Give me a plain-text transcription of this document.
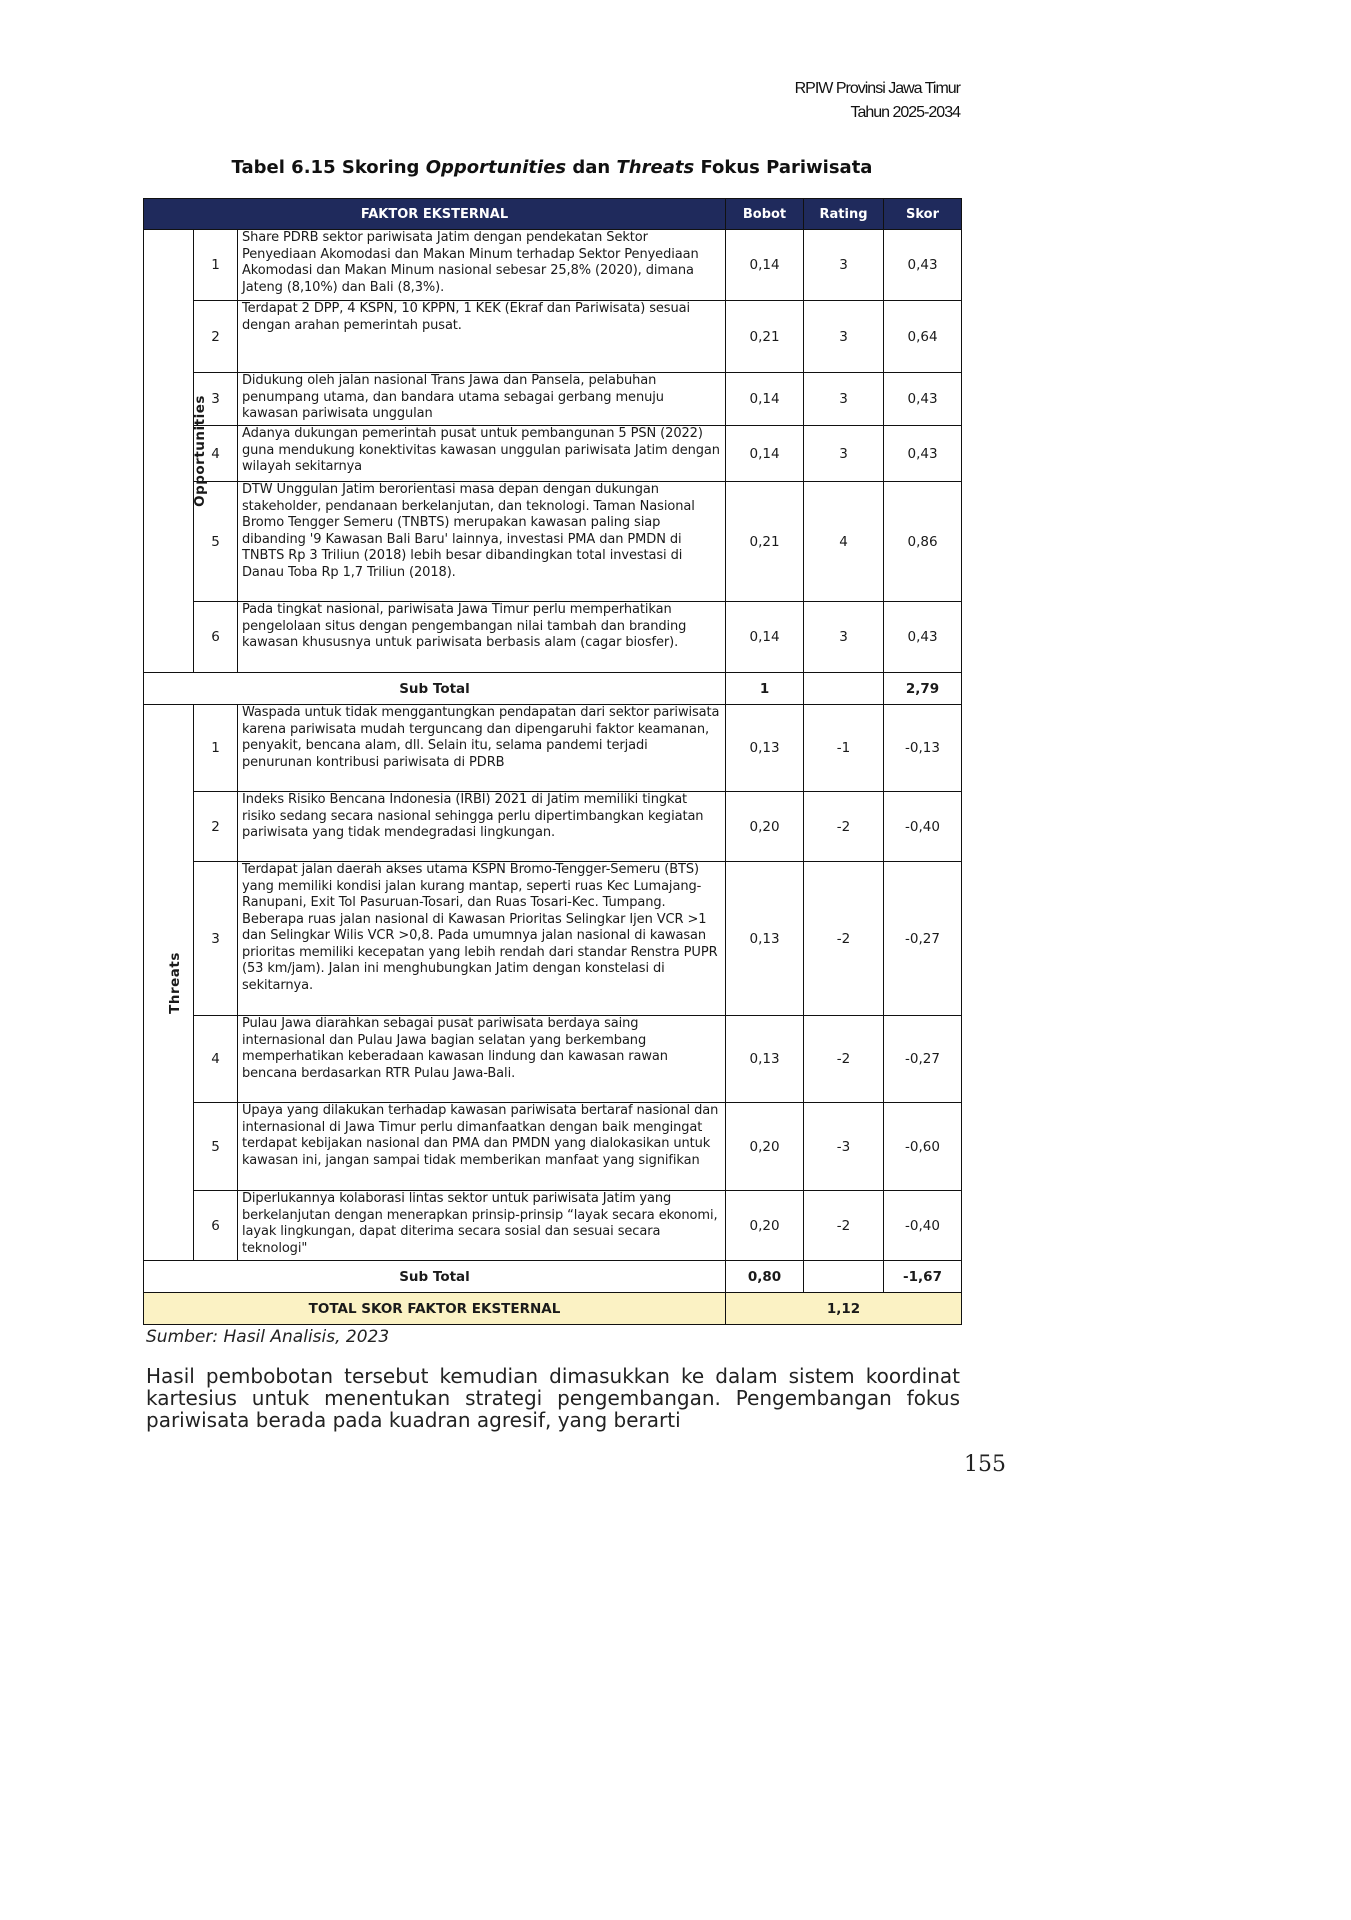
RPIW Provinsi Jawa Timur
Tahun 2025-2034
Tabel 6.15 Skoring Opportunities dan Threats Fokus Pariwisata
FAKTOR EKSTERNAL			Bobot	Rating	Skor
Opportunities	1	Share PDRB sektor pariwisata Jatim dengan pendekatan Sektor Penyediaan Akomodasi dan Makan Minum terhadap Sektor Penyediaan Akomodasi dan Makan Minum nasional sebesar 25,8% (2020), dimana Jateng (8,10%) dan Bali (8,3%).	0,14	3	0,43
	2	Terdapat 2 DPP, 4 KSPN, 10 KPPN, 1 KEK (Ekraf dan Pariwisata) sesuai dengan arahan pemerintah pusat.	0,21	3	0,64
	3	Didukung oleh jalan nasional Trans Jawa dan Pansela, pelabuhan penumpang utama, dan bandara utama sebagai gerbang menuju kawasan pariwisata unggulan	0,14	3	0,43
	4	Adanya dukungan pemerintah pusat untuk pembangunan 5 PSN (2022) guna mendukung konektivitas kawasan unggulan pariwisata Jatim dengan wilayah sekitarnya	0,14	3	0,43
	5	DTW Unggulan Jatim berorientasi masa depan dengan dukungan stakeholder, pendanaan berkelanjutan, dan teknologi. Taman Nasional Bromo Tengger Semeru (TNBTS) merupakan kawasan paling siap dibanding '9 Kawasan Bali Baru' lainnya, investasi PMA dan PMDN di TNBTS Rp 3 Triliun (2018) lebih besar dibandingkan total investasi di Danau Toba Rp 1,7 Triliun (2018).	0,21	4	0,86
	6	Pada tingkat nasional, pariwisata Jawa Timur perlu memperhatikan pengelolaan situs dengan pengembangan nilai tambah dan branding kawasan khususnya untuk pariwisata berbasis alam (cagar biosfer).	0,14	3	0,43
Sub Total			1		2,79
Threats	1	Waspada untuk tidak menggantungkan pendapatan dari sektor pariwisata karena pariwisata mudah terguncang dan dipengaruhi faktor keamanan, penyakit, bencana alam, dll. Selain itu, selama pandemi terjadi penurunan kontribusi pariwisata di PDRB	0,13	-1	-0,13
	2	Indeks Risiko Bencana Indonesia (IRBI) 2021 di Jatim memiliki tingkat risiko sedang secara nasional sehingga perlu dipertimbangkan kegiatan pariwisata yang tidak mendegradasi lingkungan.	0,20	-2	-0,40
	3	Terdapat jalan daerah akses utama KSPN Bromo-Tengger-Semeru (BTS) yang memiliki kondisi jalan kurang mantap, seperti ruas Kec Lumajang-Ranupani, Exit Tol Pasuruan-Tosari, dan Ruas Tosari-Kec. Tumpang. Beberapa ruas jalan nasional di Kawasan Prioritas Selingkar Ijen VCR >1 dan Selingkar Wilis VCR >0,8. Pada umumnya jalan nasional di kawasan prioritas memiliki kecepatan yang lebih rendah dari standar Renstra PUPR (53 km/jam). Jalan ini menghubungkan Jatim dengan konstelasi di sekitarnya.	0,13	-2	-0,27
	4	Pulau Jawa diarahkan sebagai pusat pariwisata berdaya saing internasional dan Pulau Jawa bagian selatan yang berkembang memperhatikan keberadaan kawasan lindung dan kawasan rawan bencana berdasarkan RTR Pulau Jawa-Bali.	0,13	-2	-0,27
	5	Upaya yang dilakukan terhadap kawasan pariwisata bertaraf nasional dan internasional di Jawa Timur perlu dimanfaatkan dengan baik mengingat terdapat kebijakan nasional dan PMA dan PMDN yang dialokasikan untuk kawasan ini, jangan sampai tidak memberikan manfaat yang signifikan	0,20	-3	-0,60
	6	Diperlukannya kolaborasi lintas sektor untuk pariwisata Jatim yang berkelanjutan dengan menerapkan prinsip-prinsip “layak secara ekonomi, layak lingkungan, dapat diterima secara sosial dan sesuai secara teknologi"	0,20	-2	-0,40
Sub Total			0,80		-1,67
TOTAL SKOR FAKTOR EKSTERNAL			1,12		
Sumber: Hasil Analisis, 2023
Hasil pembobotan tersebut kemudian dimasukkan ke dalam sistem koordinat kartesius untuk menentukan strategi pengembangan. Pengembangan fokus pariwisata berada pada kuadran agresif, yang berarti
155
